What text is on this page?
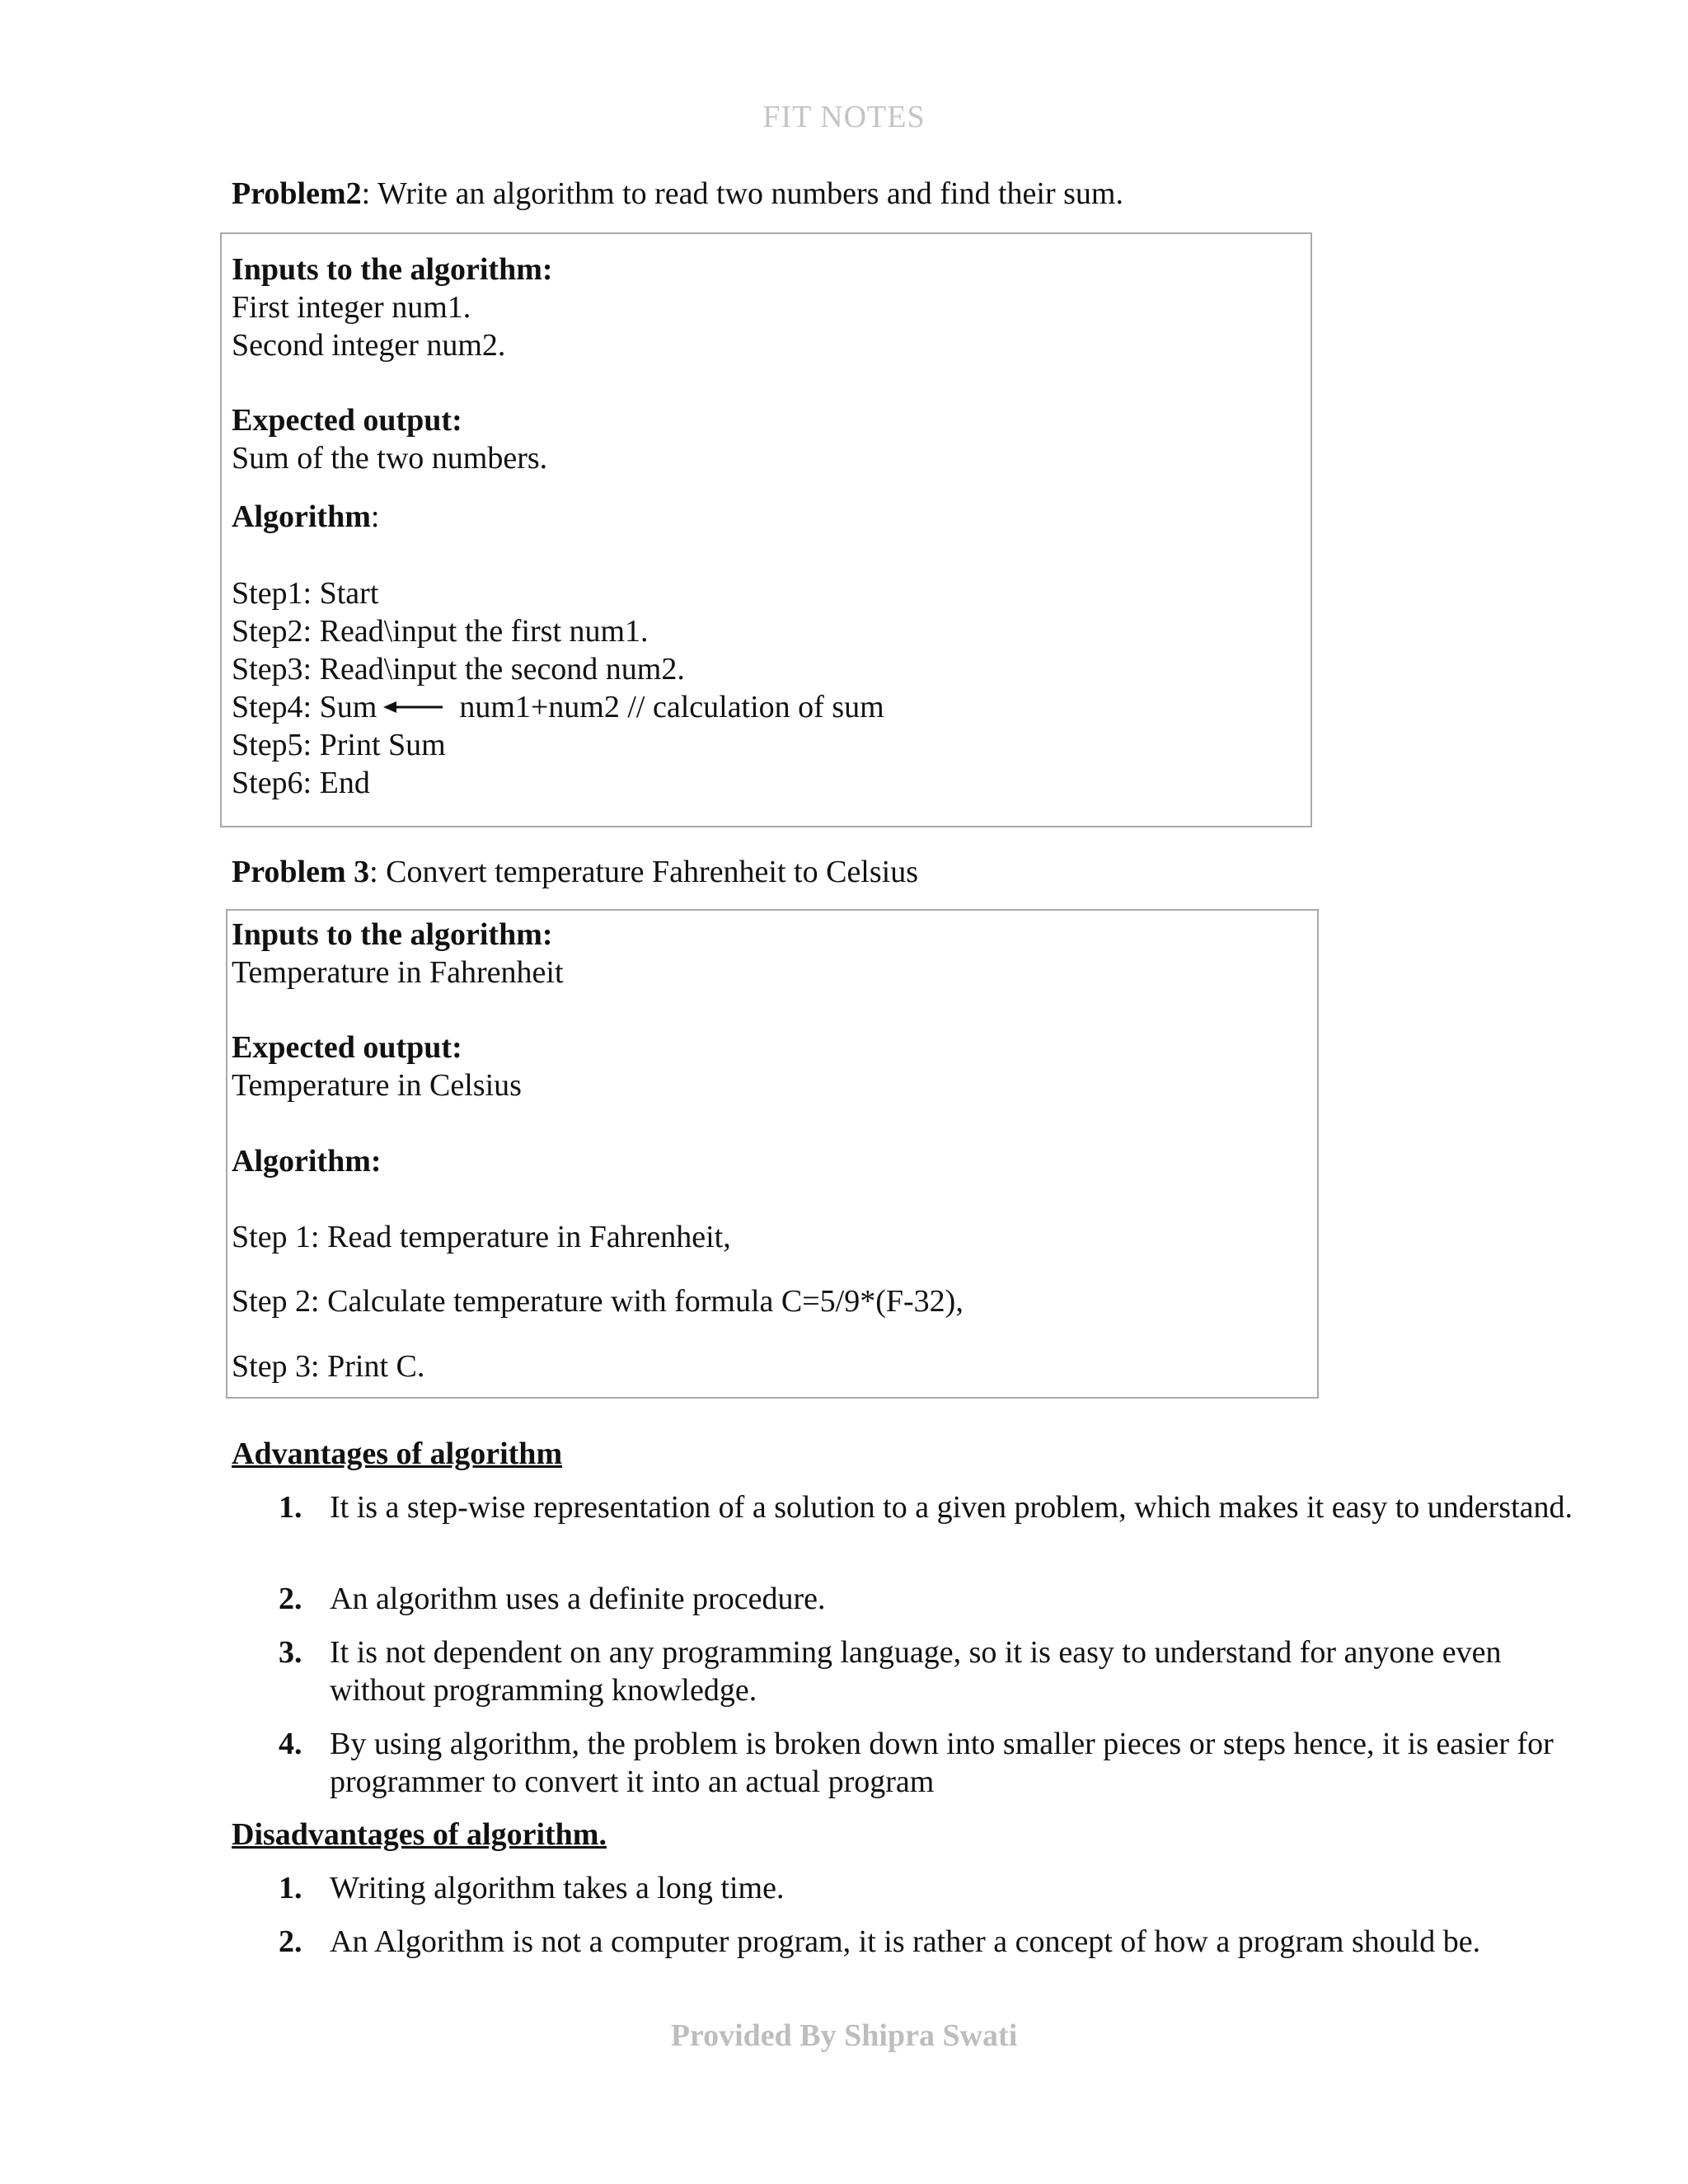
FIT NOTES
Problem2: Write an algorithm to read two numbers and find their sum.
Inputs to the algorithm:
First integer num1.
Second integer num2.
Expected output:
Sum of the two numbers.
Algorithm:
Step1: Start
Step2: Read\input the first num1.
Step3: Read\input the second num2.
Step4: Sum	num1+num2 // calculation of sum
Step5: Print Sum
Step6: End
Problem 3: Convert temperature Fahrenheit to Celsius
Inputs to the algorithm:
Temperature in Fahrenheit
Expected output:
Temperature in Celsius
Algorithm:
Step 1: Read temperature in Fahrenheit,
Step 2: Calculate temperature with formula C=5/9*(F-32),
Step 3: Print C.
Advantages of algorithm
1. It is a step-wise representation of a solution to a given problem, which makes it easy to understand.
2. An algorithm uses a definite procedure.
3. It is not dependent on any programming language, so it is easy to understand for anyone even without programming knowledge.
4. By using algorithm, the problem is broken down into smaller pieces or steps hence, it is easier for programmer to convert it into an actual program
Disadvantages of algorithm.
1. Writing algorithm takes a long time.
2. An Algorithm is not a computer program, it is rather a concept of how a program should be.
Provided By Shipra Swati
